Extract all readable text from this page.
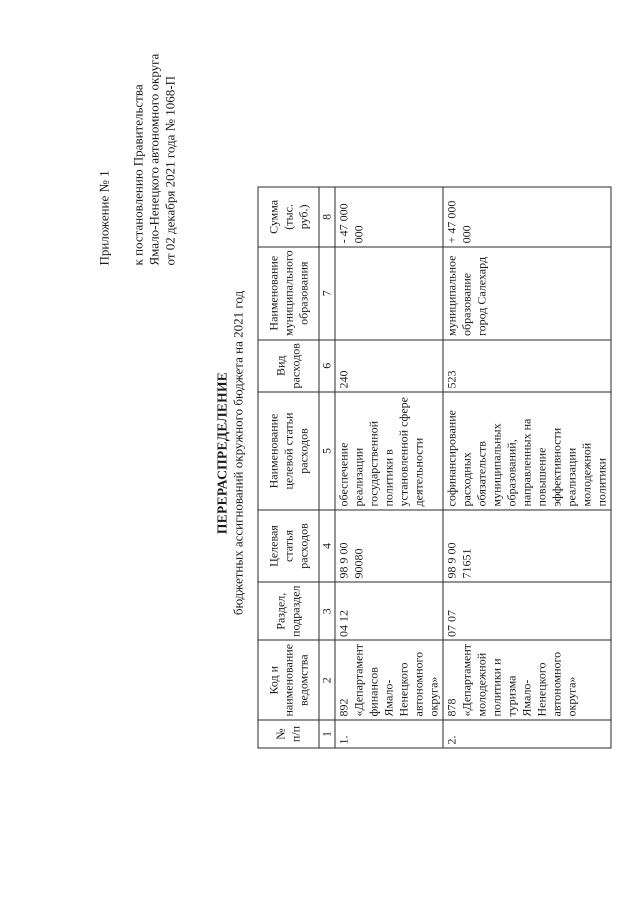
Приложение № 1 к постановлению Правительства Ямало-Ненецкого автономного округа от 02 декабря 2021 года № 1068-П

ПЕРЕРАСПРЕДЕЛЕНИЕ бюджетных ассигнований окружного бюджета на 2021 год

№ п/п	Код и наименование ведомства	Раздел, подраздел	Целевая статья расходов	Наименование целевой статьи расходов	Вид расходов	Наименование муниципального образования	Сумма (тыс. руб.)
1	2	3	4	5	6	7	8
1.	892 «Департамент финансов Ямало-Ненецкого автономного округа»	04 12	98 9 00 90080	обеспечение реализации государственной политики в установленной сфере деятельности	240		- 47 000 000
2.	878 «Департамент молодежной политики и туризма Ямало-Ненецкого автономного округа»	07 07	98 9 00 71651	софинансирование расходных обязательств муниципальных образований, направленных на повышение эффективности реализации молодежной политики	523	муниципальное образование город Салехард	+ 47 000 000
